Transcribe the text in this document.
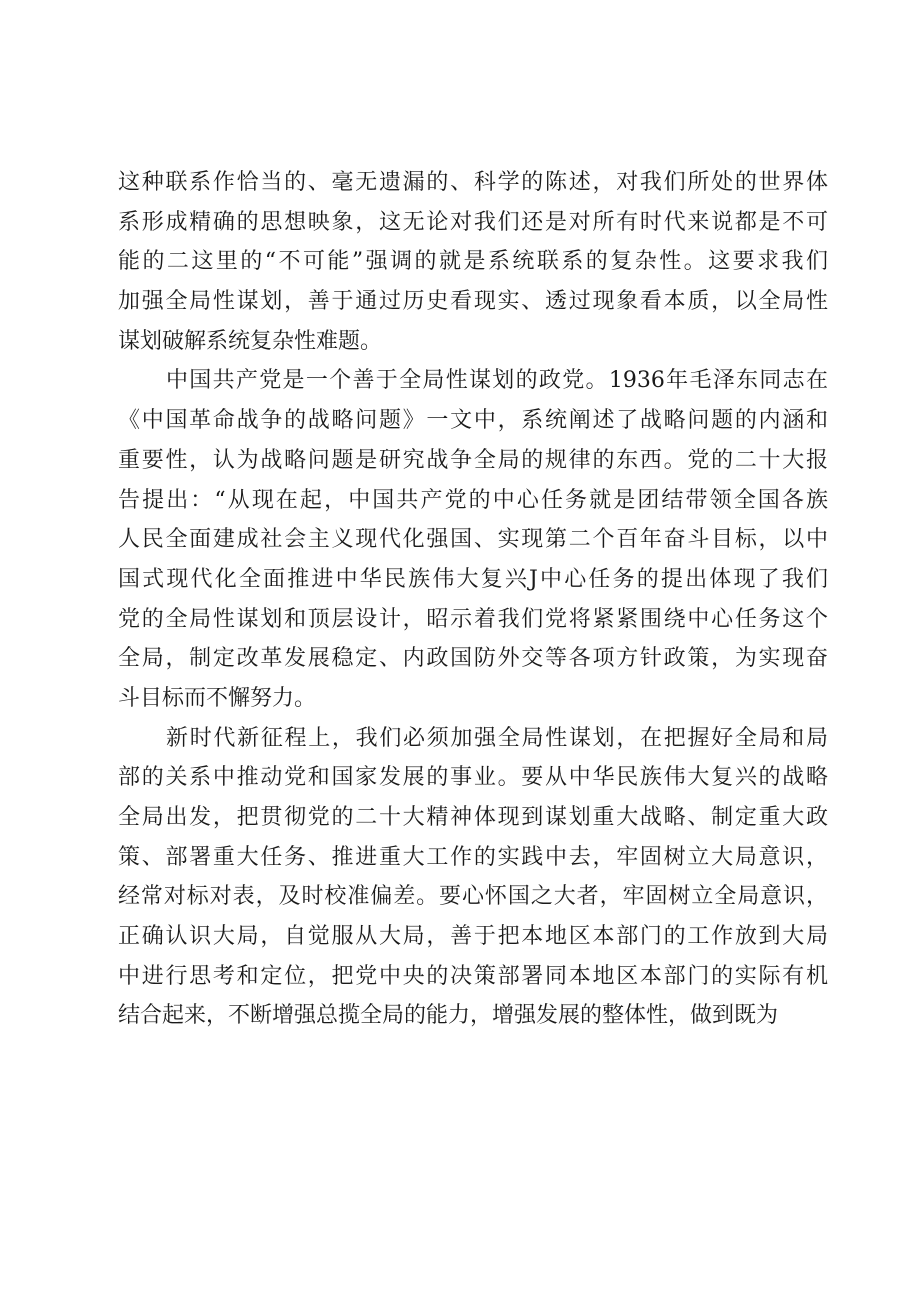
这种联系作恰当的、毫无遗漏的、科学的陈述，对我们所处的世界体
系形成精确的思想映象，这无论对我们还是对所有时代来说都是不可
能的二这里的“不可能”强调的就是系统联系的复杂性。这要求我们
加强全局性谋划，善于通过历史看现实、透过现象看本质，以全局性
谋划破解系统复杂性难题。
中国共产党是一个善于全局性谋划的政党。1936年毛泽东同志在
《中国革命战争的战略问题》一文中，系统阐述了战略问题的内涵和
重要性，认为战略问题是研究战争全局的规律的东西。党的二十大报
告提出：“从现在起，中国共产党的中心任务就是团结带领全国各族
人民全面建成社会主义现代化强国、实现第二个百年奋斗目标，以中
国式现代化全面推进中华民族伟大复兴J中心任务的提出体现了我们
党的全局性谋划和顶层设计，昭示着我们党将紧紧围绕中心任务这个
全局，制定改革发展稳定、内政国防外交等各项方针政策，为实现奋
斗目标而不懈努力。
新时代新征程上，我们必须加强全局性谋划，在把握好全局和局
部的关系中推动党和国家发展的事业。要从中华民族伟大复兴的战略
全局出发，把贯彻党的二十大精神体现到谋划重大战略、制定重大政
策、部署重大任务、推进重大工作的实践中去，牢固树立大局意识，
经常对标对表，及时校准偏差。要心怀国之大者，牢固树立全局意识，
正确认识大局，自觉服从大局，善于把本地区本部门的工作放到大局
中进行思考和定位，把党中央的决策部署同本地区本部门的实际有机
结合起来，不断增强总揽全局的能力，增强发展的整体性，做到既为
